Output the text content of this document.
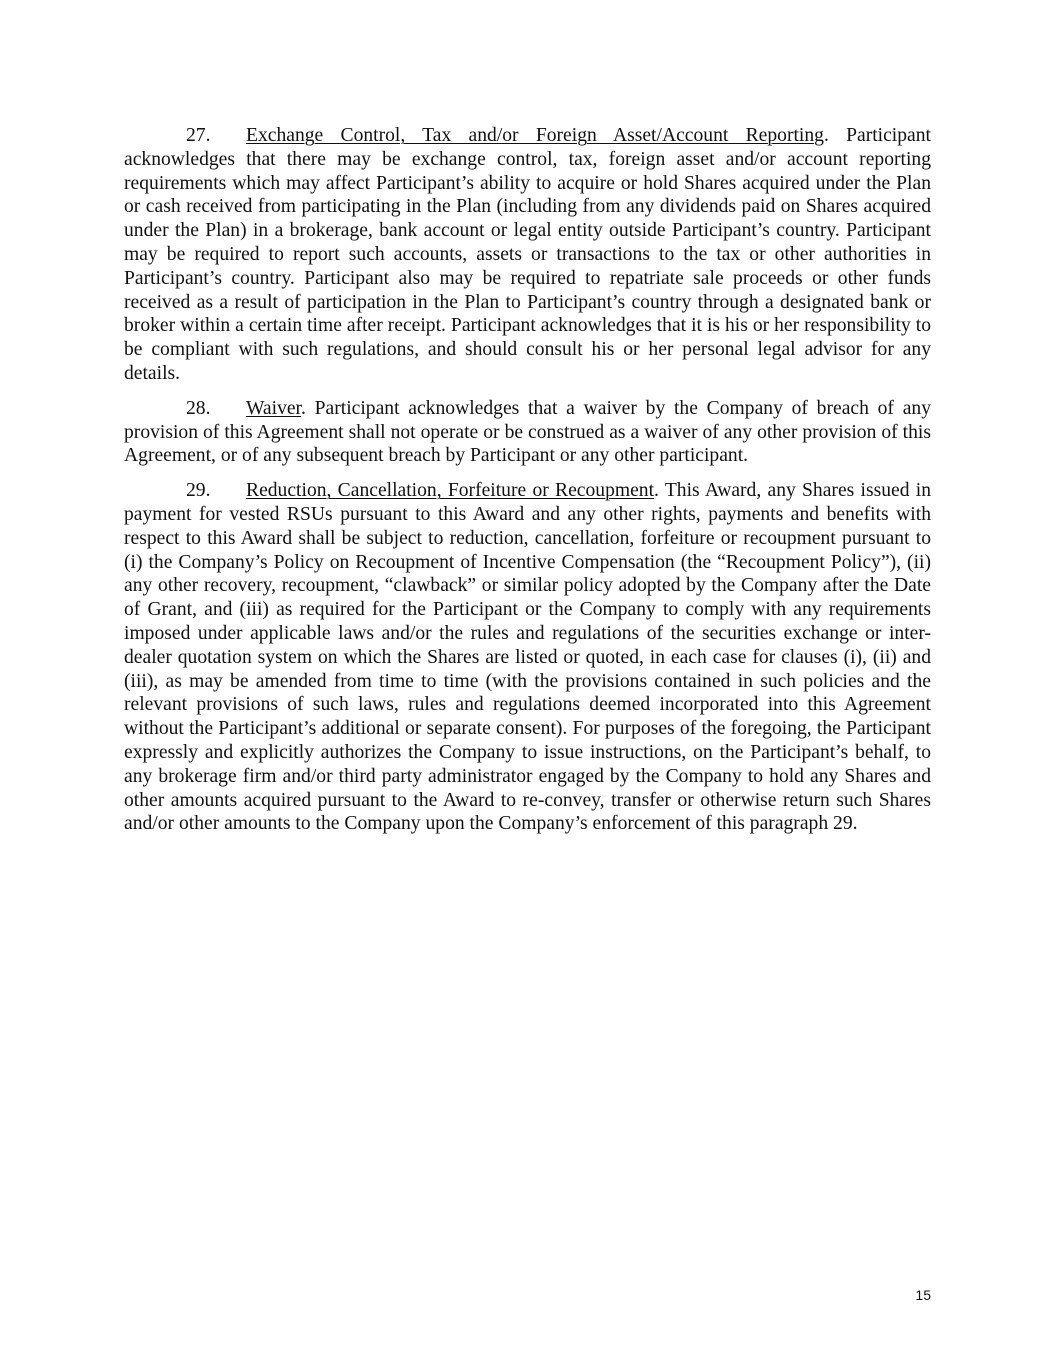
27. Exchange Control, Tax and/or Foreign Asset/Account Reporting. Participant acknowledges that there may be exchange control, tax, foreign asset and/or account reporting requirements which may affect Participant’s ability to acquire or hold Shares acquired under the Plan or cash received from participating in the Plan (including from any dividends paid on Shares acquired under the Plan) in a brokerage, bank account or legal entity outside Participant’s country. Participant may be required to report such accounts, assets or transactions to the tax or other authorities in Participant’s country. Participant also may be required to repatriate sale proceeds or other funds received as a result of participation in the Plan to Participant’s country through a designated bank or broker within a certain time after receipt. Participant acknowledges that it is his or her responsibility to be compliant with such regulations, and should consult his or her personal legal advisor for any details.

28. Waiver. Participant acknowledges that a waiver by the Company of breach of any provision of this Agreement shall not operate or be construed as a waiver of any other provision of this Agreement, or of any subsequent breach by Participant or any other participant.

29. Reduction, Cancellation, Forfeiture or Recoupment. This Award, any Shares issued in payment for vested RSUs pursuant to this Award and any other rights, payments and benefits with respect to this Award shall be subject to reduction, cancellation, forfeiture or recoupment pursuant to (i) the Company’s Policy on Recoupment of Incentive Compensation (the “Recoupment Policy”), (ii) any other recovery, recoupment, “clawback” or similar policy adopted by the Company after the Date of Grant, and (iii) as required for the Participant or the Company to comply with any requirements imposed under applicable laws and/or the rules and regulations of the securities exchange or inter-dealer quotation system on which the Shares are listed or quoted, in each case for clauses (i), (ii) and (iii), as may be amended from time to time (with the provisions contained in such policies and the relevant provisions of such laws, rules and regulations deemed incorporated into this Agreement without the Participant’s additional or separate consent). For purposes of the foregoing, the Participant expressly and explicitly authorizes the Company to issue instructions, on the Participant’s behalf, to any brokerage firm and/or third party administrator engaged by the Company to hold any Shares and other amounts acquired pursuant to the Award to re-convey, transfer or otherwise return such Shares and/or other amounts to the Company upon the Company’s enforcement of this paragraph 29.

15
